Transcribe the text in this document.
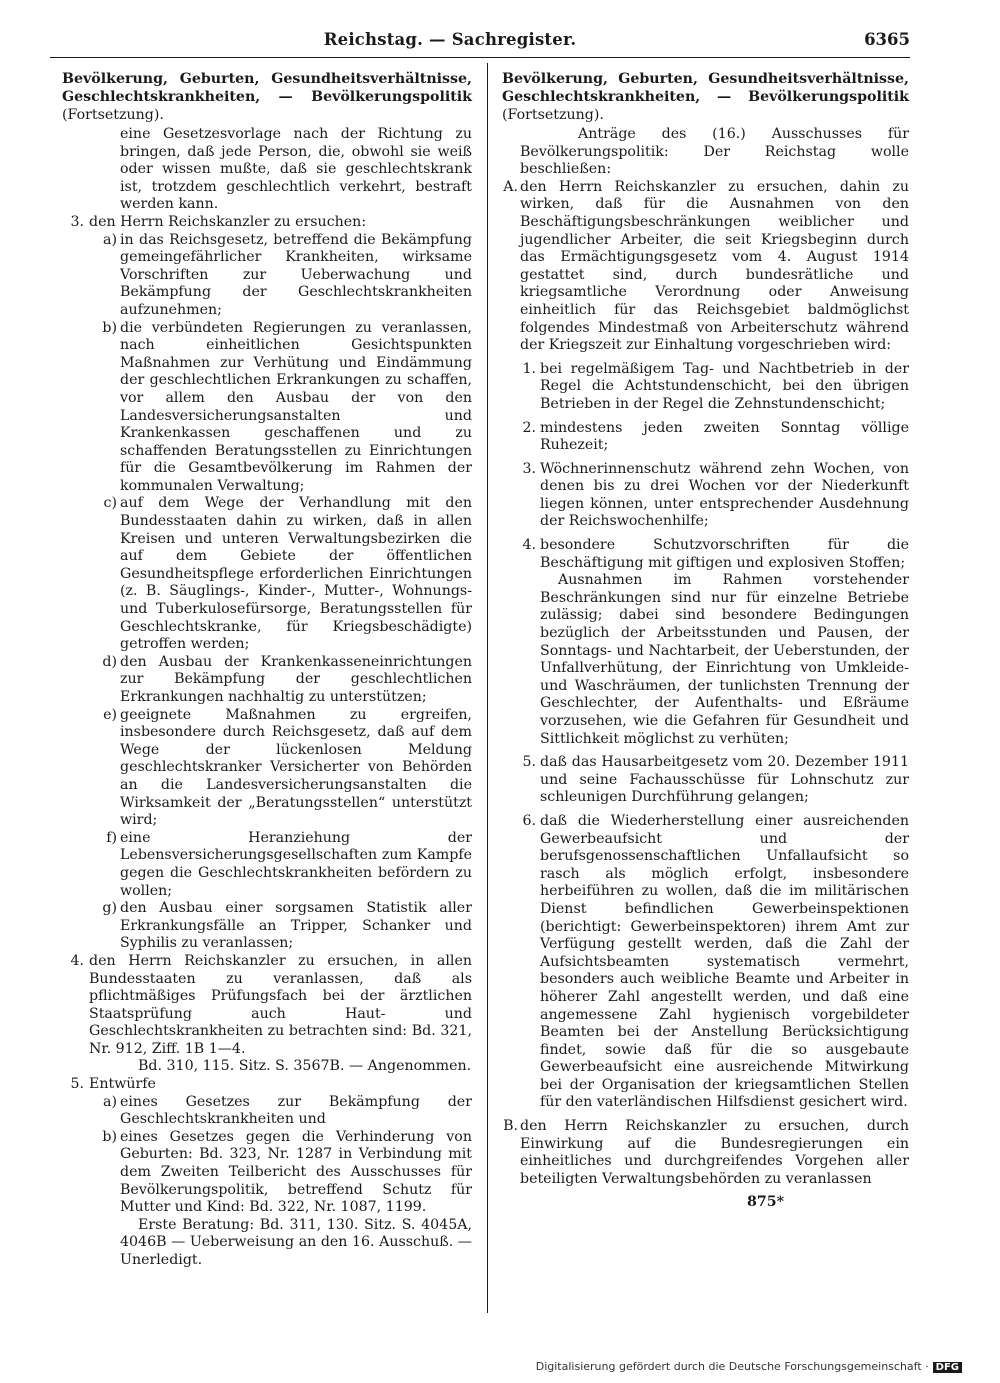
Reichstag. — Sachregister.	6365

Bevölkerung, Geburten, Gesundheitsverhältnisse, Geschlechtskrankheiten, — Bevölkerungspolitik (Fortsetzung).

eine Gesetzesvorlage nach der Richtung zu bringen, daß jede Person, die, obwohl sie weiß oder wissen mußte, daß sie geschlechtskrank ist, trotzdem geschlechtlich verkehrt, bestraft werden kann.

3. den Herrn Reichskanzler zu ersuchen:

a) in das Reichsgesetz, betreffend die Bekämpfung gemeingefährlicher Krankheiten, wirksame Vorschriften zur Ueberwachung und Bekämpfung der Geschlechtskrankheiten aufzunehmen;

b) die verbündeten Regierungen zu veranlassen, nach einheitlichen Gesichtspunkten Maßnahmen zur Verhütung und Eindämmung der geschlechtlichen Erkrankungen zu schaffen, vor allem den Ausbau der von den Landesversicherungsanstalten und Krankenkassen geschaffenen und zu schaffenden Beratungsstellen zu Einrichtungen für die Gesamtbevölkerung im Rahmen der kommunalen Verwaltung;

c) auf dem Wege der Verhandlung mit den Bundesstaaten dahin zu wirken, daß in allen Kreisen und unteren Verwaltungsbezirken die auf dem Gebiete der öffentlichen Gesundheitspflege erforderlichen Einrichtungen (z. B. Säuglings-, Kinder-, Mutter-, Wohnungs- und Tuberkulosefürsorge, Beratungsstellen für Geschlechtskranke, für Kriegsbeschädigte) getroffen werden;

d) den Ausbau der Krankenkasseneinrichtungen zur Bekämpfung der geschlechtlichen Erkrankungen nachhaltig zu unterstützen;

e) geeignete Maßnahmen zu ergreifen, insbesondere durch Reichsgesetz, daß auf dem Wege der lückenlosen Meldung geschlechtskranker Versicherter von Behörden an die Landesversicherungsanstalten die Wirksamkeit der „Beratungsstellen“ unterstützt wird;

f) eine Heranziehung der Lebensversicherungsgesellschaften zum Kampfe gegen die Geschlechtskrankheiten befördern zu wollen;

g) den Ausbau einer sorgsamen Statistik aller Erkrankungsfälle an Tripper, Schanker und Syphilis zu veranlassen;

4. den Herrn Reichskanzler zu ersuchen, in allen Bundesstaaten zu veranlassen, daß als pflichtmäßiges Prüfungsfach bei der ärztlichen Staatsprüfung auch Haut- und Geschlechtskrankheiten zu betrachten sind: Bd. 321, Nr. 912, Ziff. 1B 1—4.

Bd. 310, 115. Sitz. S. 3567B. — Angenommen.

5. Entwürfe

a) eines Gesetzes zur Bekämpfung der Geschlechtskrankheiten und

b) eines Gesetzes gegen die Verhinderung von Geburten: Bd. 323, Nr. 1287 in Verbindung mit dem Zweiten Teilbericht des Ausschusses für Bevölkerungspolitik, betreffend Schutz für Mutter und Kind: Bd. 322, Nr. 1087, 1199.

Erste Beratung: Bd. 311, 130. Sitz. S. 4045A, 4046B — Ueberweisung an den 16. Ausschuß. — Unerledigt.

Bevölkerung, Geburten, Gesundheitsverhältnisse, Geschlechtskrankheiten, — Bevölkerungspolitik (Fortsetzung).

Anträge des (16.) Ausschusses für Bevölkerungspolitik: Der Reichstag wolle beschließen:

A. den Herrn Reichskanzler zu ersuchen, dahin zu wirken, daß für die Ausnahmen von den Beschäftigungsbeschränkungen weiblicher und jugendlicher Arbeiter, die seit Kriegsbeginn durch das Ermächtigungsgesetz vom 4. August 1914 gestattet sind, durch bundesrätliche und kriegsamtliche Verordnung oder Anweisung einheitlich für das Reichsgebiet baldmöglichst folgendes Mindestmaß von Arbeiterschutz während der Kriegszeit zur Einhaltung vorgeschrieben wird:

1. bei regelmäßigem Tag- und Nachtbetrieb in der Regel die Achtstundenschicht, bei den übrigen Betrieben in der Regel die Zehnstundenschicht;

2. mindestens jeden zweiten Sonntag völlige Ruhezeit;

3. Wöchnerinnenschutz während zehn Wochen, von denen bis zu drei Wochen vor der Niederkunft liegen können, unter entsprechender Ausdehnung der Reichswochenhilfe;

4. besondere Schutzvorschriften für die Beschäftigung mit giftigen und explosiven Stoffen;

Ausnahmen im Rahmen vorstehender Beschränkungen sind nur für einzelne Betriebe zulässig; dabei sind besondere Bedingungen bezüglich der Arbeitsstunden und Pausen, der Sonntags- und Nachtarbeit, der Ueberstunden, der Unfallverhütung, der Einrichtung von Umkleide- und Waschräumen, der tunlichsten Trennung der Geschlechter, der Aufenthalts- und Eßräume vorzusehen, wie die Gefahren für Gesundheit und Sittlichkeit möglichst zu verhüten;

5. daß das Hausarbeitgesetz vom 20. Dezember 1911 und seine Fachausschüsse für Lohnschutz zur schleunigen Durchführung gelangen;

6. daß die Wiederherstellung einer ausreichenden Gewerbeaufsicht und der berufsgenossenschaftlichen Unfallaufsicht so rasch als möglich erfolgt, insbesondere herbeiführen zu wollen, daß die im militärischen Dienst befindlichen Gewerbeinspektionen (berichtigt: Gewerbeinspektoren) ihrem Amt zur Verfügung gestellt werden, daß die Zahl der Aufsichtsbeamten systematisch vermehrt, besonders auch weibliche Beamte und Arbeiter in höherer Zahl angestellt werden, und daß eine angemessene Zahl hygienisch vorgebildeter Beamten bei der Anstellung Berücksichtigung findet, sowie daß für die so ausgebaute Gewerbeaufsicht eine ausreichende Mitwirkung bei der Organisation der kriegsamtlichen Stellen für den vaterländischen Hilfsdienst gesichert wird.

B. den Herrn Reichskanzler zu ersuchen, durch Einwirkung auf die Bundesregierungen ein einheitliches und durchgreifendes Vorgehen aller beteiligten Verwaltungsbehörden zu veranlassen

875*

Digitalisierung gefördert durch die Deutsche Forschungsgemeinschaft · DFG
